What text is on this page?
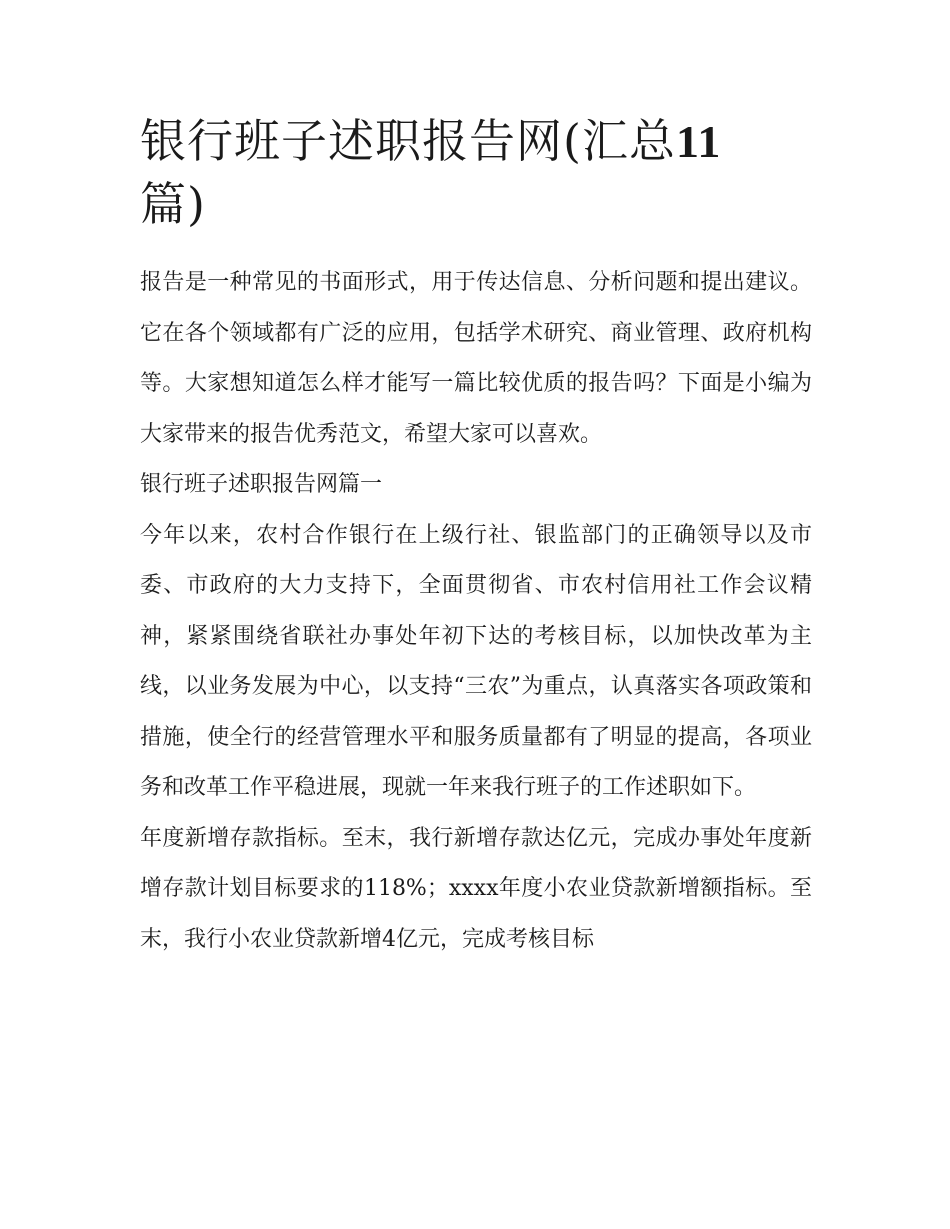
银行班子述职报告网(汇总11
篇)

报告是一种常见的书面形式，用于传达信息、分析问题和提出建议。它在各个领域都有广泛的应用，包括学术研究、商业管理、政府机构等。大家想知道怎么样才能写一篇比较优质的报告吗？下面是小编为大家带来的报告优秀范文，希望大家可以喜欢。

银行班子述职报告网篇一

今年以来，农村合作银行在上级行社、银监部门的正确领导以及市委、市政府的大力支持下，全面贯彻省、市农村信用社工作会议精神，紧紧围绕省联社办事处年初下达的考核目标，以加快改革为主线，以业务发展为中心，以支持“三农”为重点，认真落实各项政策和措施，使全行的经营管理水平和服务质量都有了明显的提高，各项业务和改革工作平稳进展，现就一年来我行班子的工作述职如下。

年度新增存款指标。至末，我行新增存款达亿元，完成办事处年度新增存款计划目标要求的118%；xxxx年度小农业贷款新增额指标。至末，我行小农业贷款新增4亿元，完成考核目标
